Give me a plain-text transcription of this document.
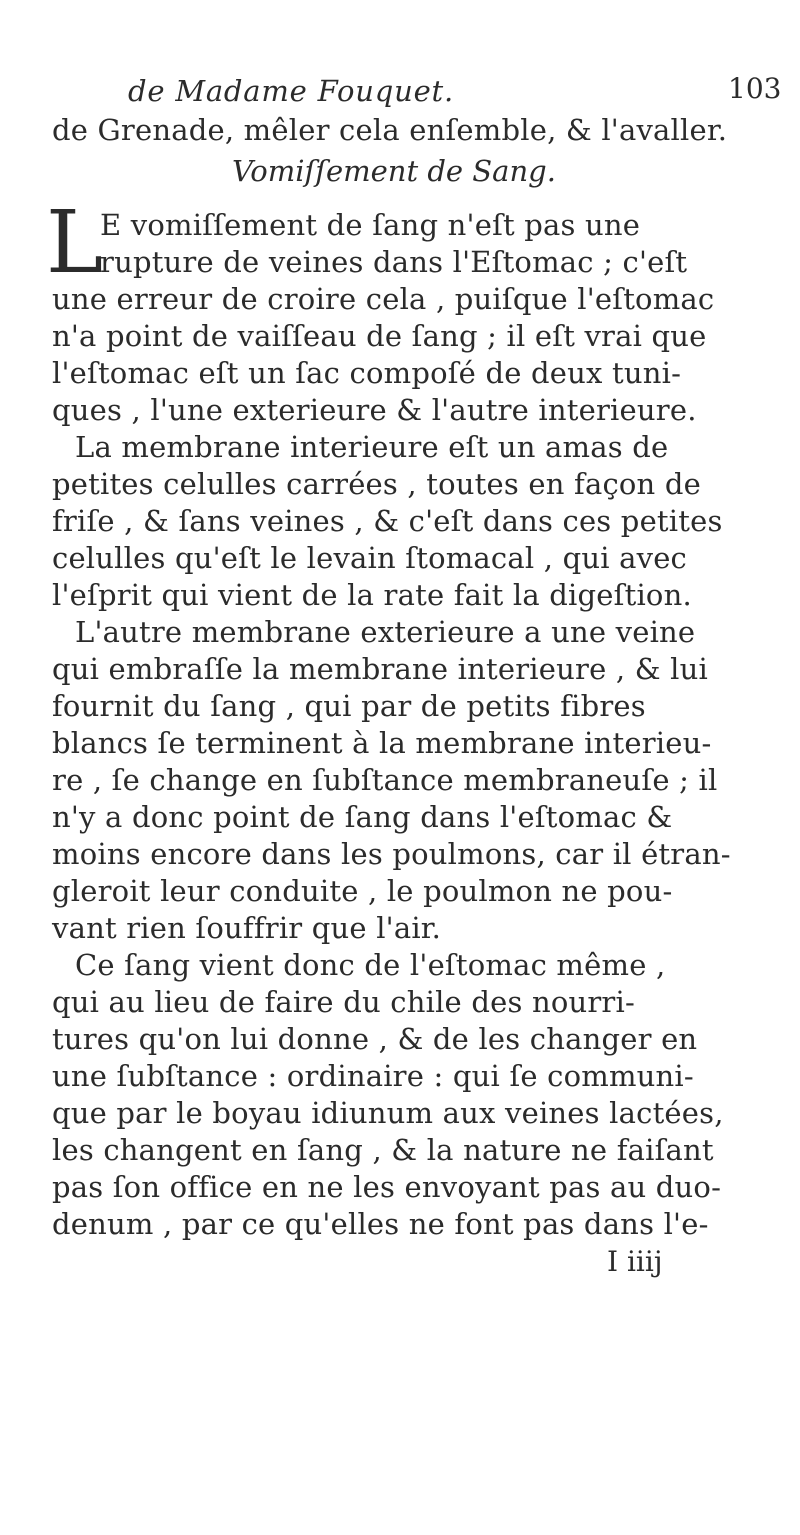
de Madame Fouquet.	103
de Grenade, mêler cela enſemble, & l'avaller.
Vomiſſement de Sang.
L
E vomiſſement de ſang n'eſt pas une
rupture de veines dans l'Eſtomac ; c'eſt
une erreur de croire cela , puiſque l'eſtomac
n'a point de vaiſſeau de ſang ; il eſt vrai que
l'eſtomac eſt un ſac compoſé de deux tuni-
ques , l'une exterieure & l'autre interieure.
La membrane interieure eſt un amas de
petites celulles carrées , toutes en façon de
friſe , & ſans veines , & c'eſt dans ces petites
celulles qu'eſt le levain ſtomacal , qui avec
l'eſprit qui vient de la rate fait la digeſtion.
L'autre membrane exterieure a une veine
qui embraſſe la membrane interieure , & lui
fournit du ſang , qui par de petits fibres
blancs ſe terminent à la membrane interieu-
re , ſe change en ſubſtance membraneuſe ; il
n'y a donc point de ſang dans l'eſtomac &
moins encore dans les poulmons, car il étran-
gleroit leur conduite , le poulmon ne pou-
vant rien ſouffrir que l'air.
Ce ſang vient donc de l'eſtomac même ,
qui au lieu de faire du chile des nourri-
tures qu'on lui donne , & de les changer en
une ſubſtance : ordinaire : qui ſe communi-
que par le boyau idiunum aux veines lactées,
les changent en ſang , & la nature ne faiſant
pas ſon office en ne les envoyant pas au duo-
denum , par ce qu'elles ne font pas dans l'e-
I iiij
